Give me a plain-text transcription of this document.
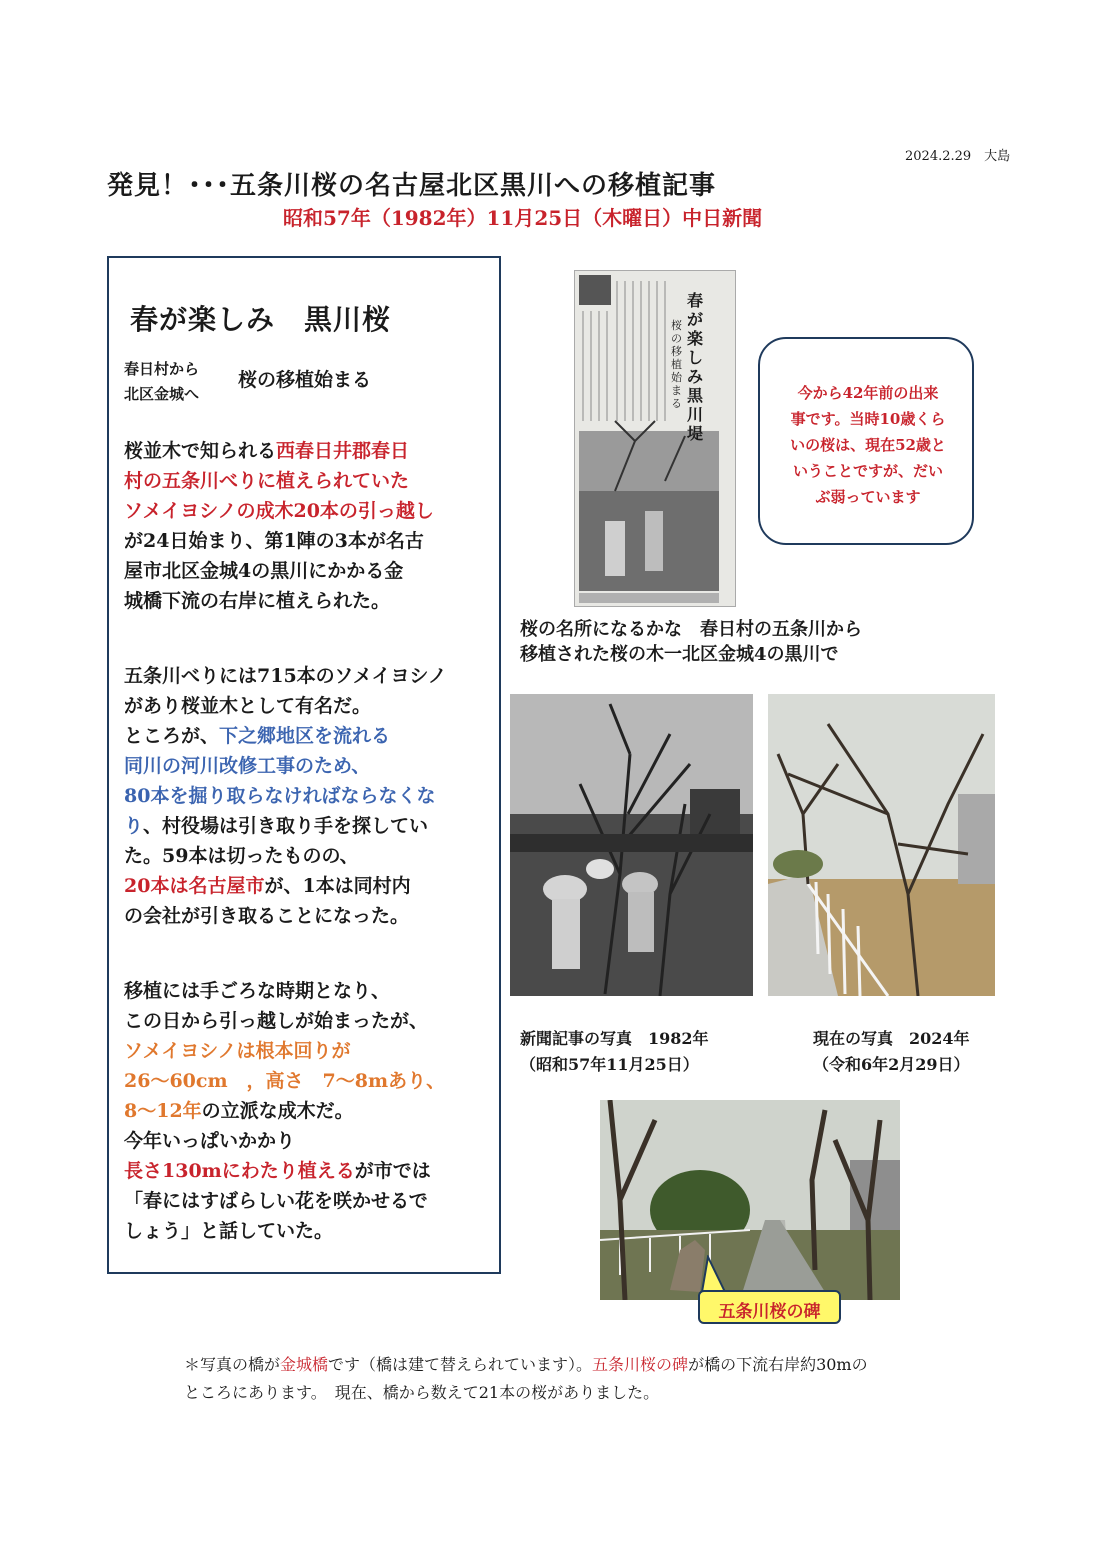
2024.2.29　大島
発見！･･･五条川桜の名古屋北区黒川への移植記事
昭和57年（1982年）11月25日（木曜日）中日新聞
春が楽しみ　黒川桜
春日村から
北区金城へ
桜の移植始まる
桜並木で知られる西春日井郡春日
村の五条川べりに植えられていた
ソメイヨシノの成木20本の引っ越し
が24日始まり、第1陣の3本が名古
屋市北区金城4の黒川にかかる金
城橋下流の右岸に植えられた。
五条川べりには715本のソメイヨシノ
があり桜並木として有名だ。
ところが、下之郷地区を流れる
同川の河川改修工事のため、
80本を掘り取らなければならなくな
り、村役場は引き取り手を探してい
た。59本は切ったものの、
20本は名古屋市が、1本は同村内
の会社が引き取ることになった。
移植には手ごろな時期となり、
この日から引っ越しが始まったが、
ソメイヨシノは根本回りが
26～60cm　，高さ　7～8mあり、
8～12年の立派な成木だ。
今年いっぱいかかり
長さ130mにわたり植えるが市では
「春にはすばらしい花を咲かせるで
しょう」と話していた。
春が楽しみ黒川堤
桜の移植始まる
今から42年前の出来
事です。当時10歳くら
いの桜は、現在52歳と
いうことですが、だい
ぶ弱っています
桜の名所になるかな　春日村の五条川から
移植された桜の木一北区金城4の黒川で
新聞記事の写真　1982年
（昭和57年11月25日）
現在の写真　2024年
（令和6年2月29日）
五条川桜の碑
＊写真の橋が金城橋です（橋は建て替えられています）。五条川桜の碑が橋の下流右岸約30mの
ところにあります。　現在、橋から数えて21本の桜がありました。
